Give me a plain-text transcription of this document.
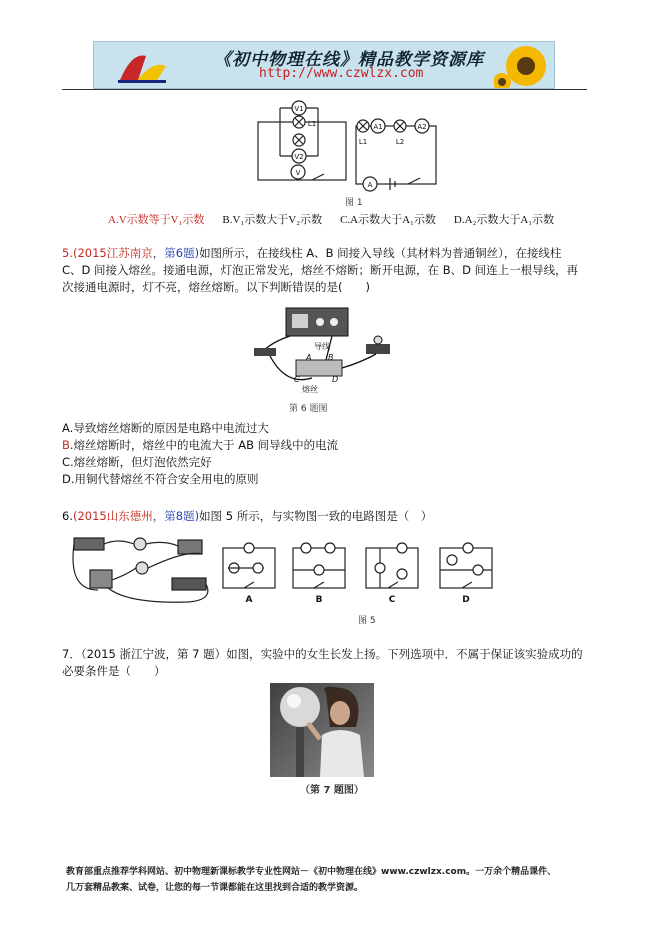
《初中物理在线》精品教学资源库
http://www.czwlzx.com
V1
V2
V
A1	A2
A
L1
L1	L2
图 1
A.V示数等于V₁示数 B.V₁示数大于V₂示数 C.A示数大于A₁示数 D.A₂示数大于A₁示数
5.(2015江苏南京，第6题)如图所示，在接线柱 A、B 间接入导线（其材料为普通铜丝），在接线柱
C、D 间接入熔丝。接通电源，灯泡正常发光，熔丝不熔断；断开电源，在 B、D 间连上一根导线，再
次接通电源时，灯不亮，熔丝熔断。以下判断错误的是(　　)
导线
A B
C	D
熔丝
第 6 题图
A.导致熔丝熔断的原因是电路中电流过大
B.熔丝熔断时，熔丝中的电流大于 AB 间导线中的电流
C.熔丝熔断，但灯泡依然完好
D.用铜代替熔丝不符合安全用电的原则
6.(2015山东德州，第8题)如图 5 所示，与实物图一致的电路图是（　）
A	B	C	D
图 5
7．（2015 浙江宁波，第 7 题）如图，实验中的女生长发上扬。下列选项中．不属于保证该实验成功的
必要条件是（　　）
（第 7 题图）
教育部重点推荐学科网站、初中物理新课标教学专业性网站－《初中物理在线》www.czwlzx.com。一万余个精品课件、
几万套精品教案、试卷，让您的每一节课都能在这里找到合适的教学资源。
